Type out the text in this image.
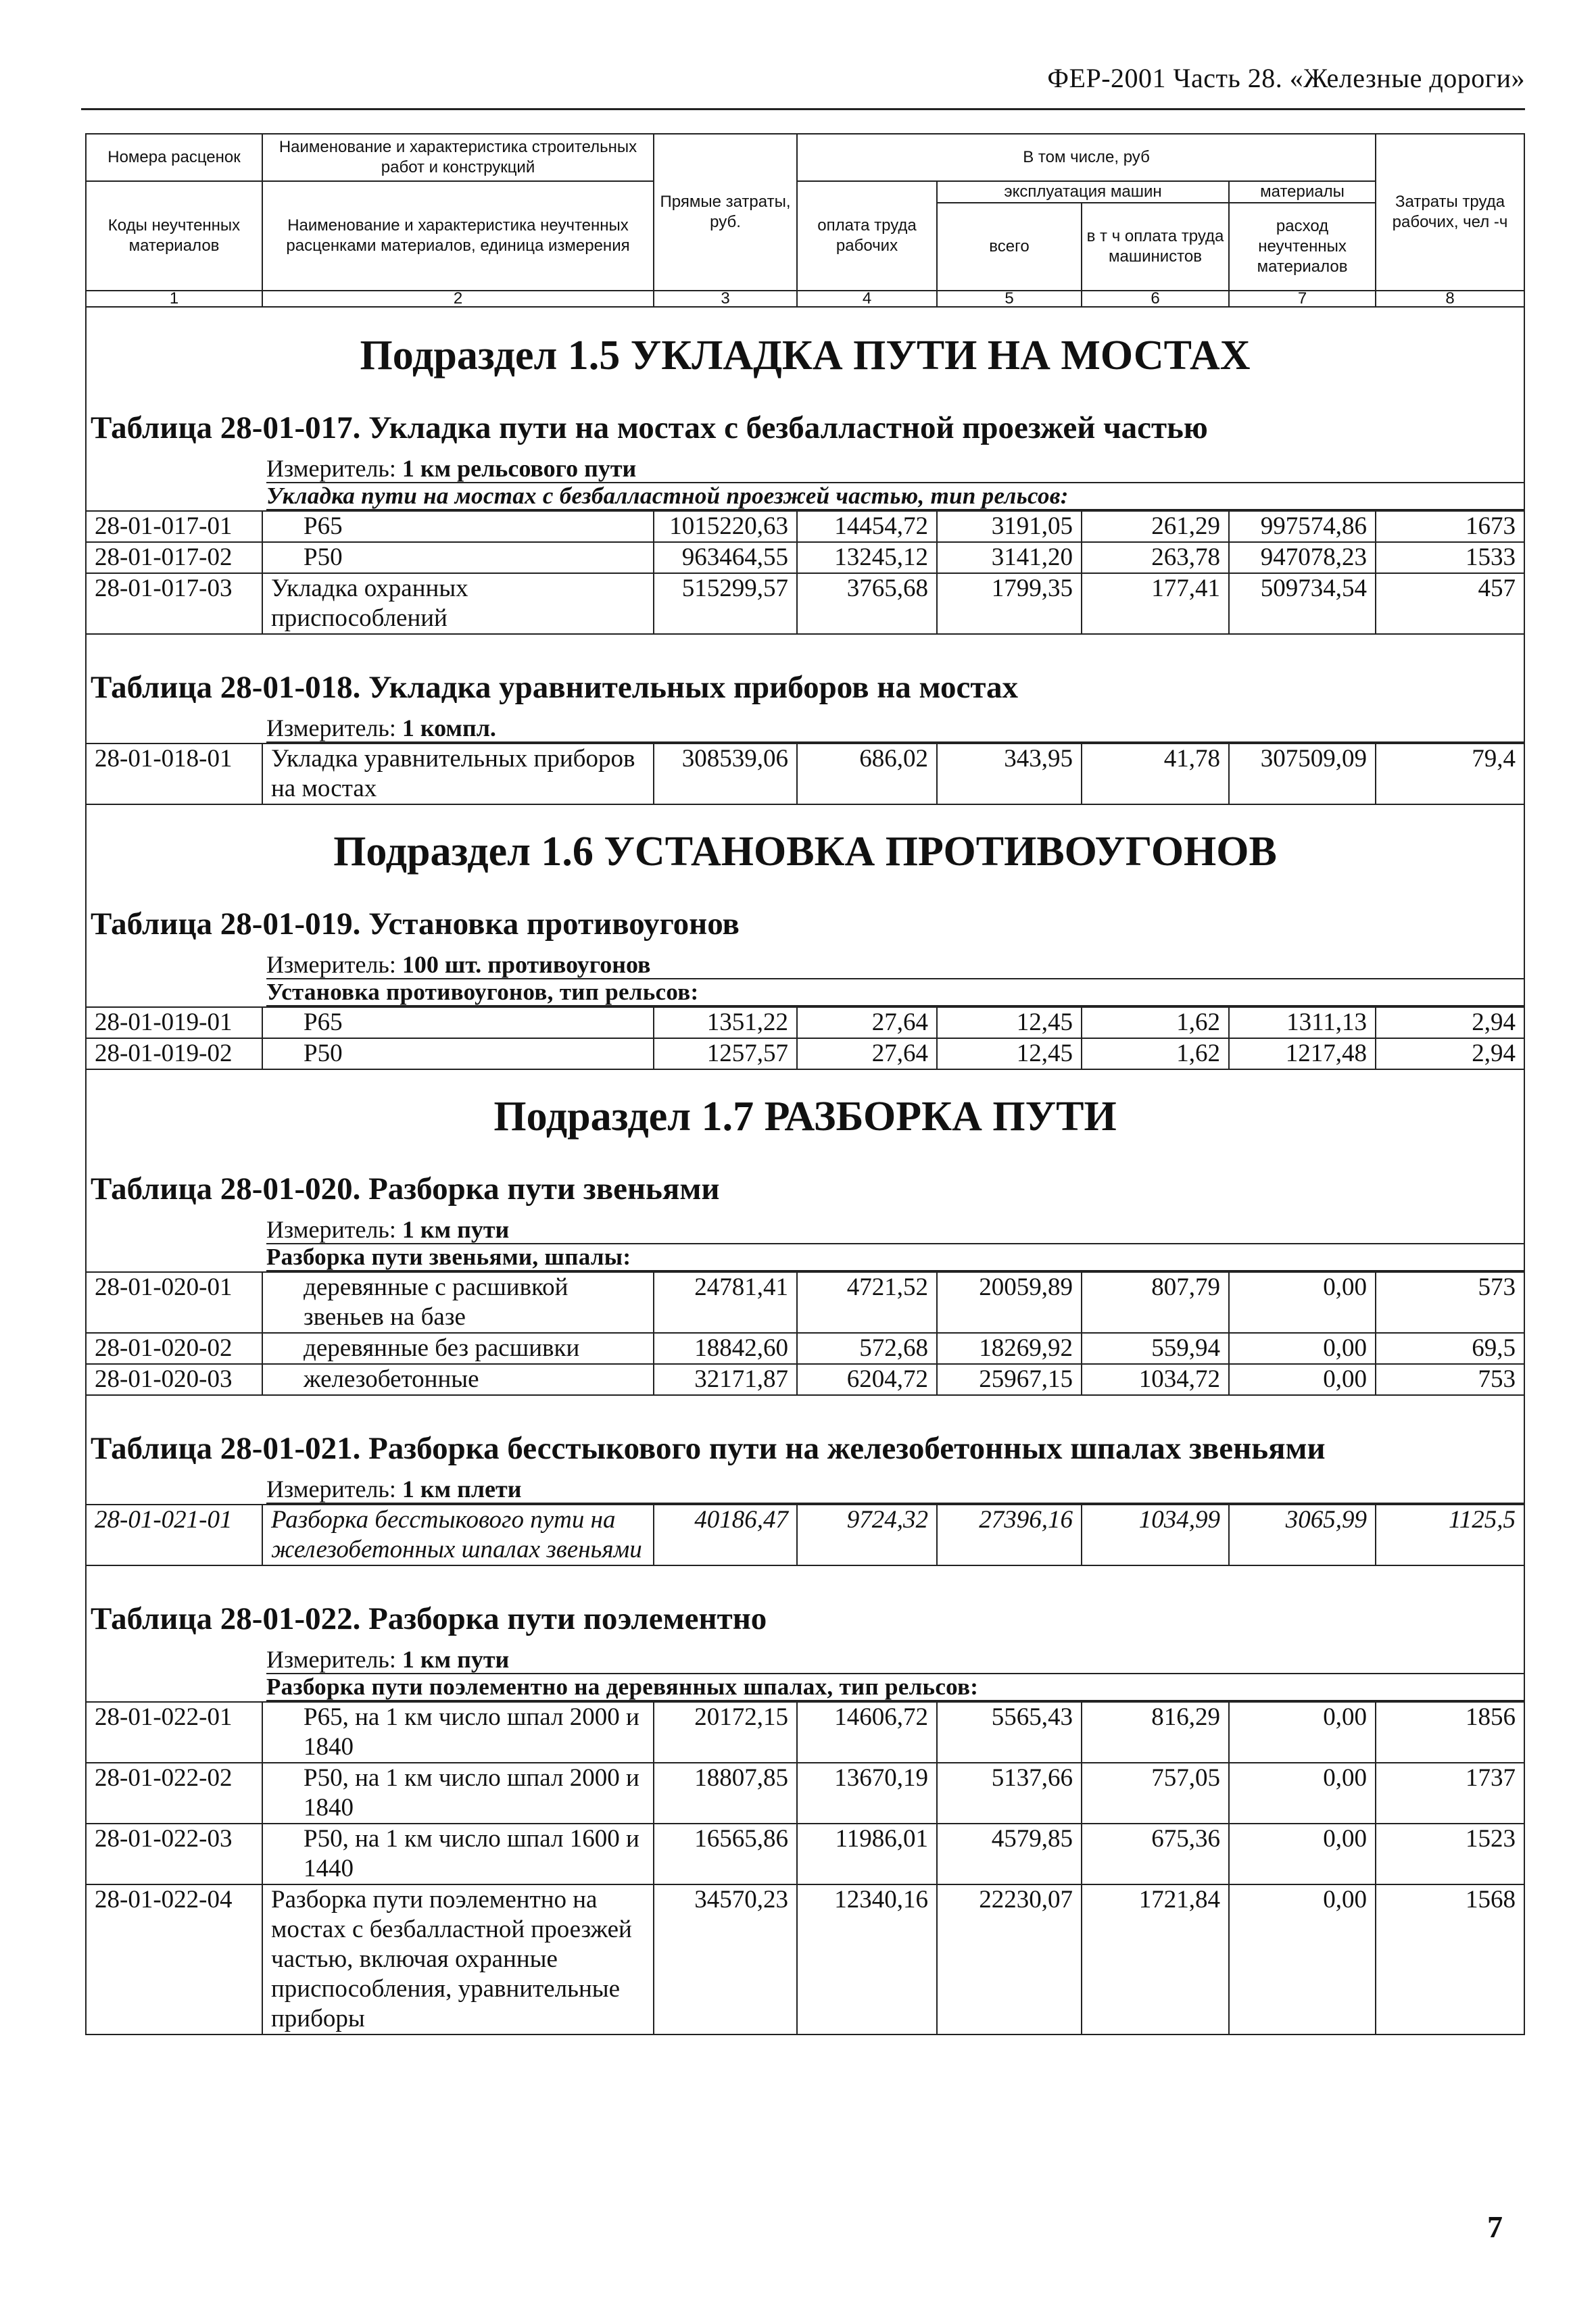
ФЕР-2001 Часть 28. «Железные дороги»
Номера расценок	Наименование и характеристика строительных работ и конструкций	Прямые затраты, руб.	В том числе, руб				Затраты труда рабочих, чел -ч
Коды неучтенных материалов	Наименование и характеристика неучтенных расценками материалов, единица измерения		оплата труда рабочих	эксплуатация машин		материалы	
				всего	в т ч оплата труда машинистов	расход неучтенных материалов	
1	2	3	4	5	6	7	8
Подраздел 1.5 УКЛАДКА ПУТИ НА МОСТАХ							
Таблица 28-01-017. Укладка пути на мостах с безбалластной проезжей частью							

Измеритель: 1 км рельсового пути							

Укладка пути на мостах с безбалластной проезжей частью, тип рельсов:							

28-01-017-01	Р65	1015220,63	14454,72	3191,05	261,29	997574,86	1673
28-01-017-02	Р50	963464,55	13245,12	3141,20	263,78	947078,23	1533
28-01-017-03	Укладка охранных приспособлений	515299,57	3765,68	1799,35	177,41	509734,54	457
Таблица 28-01-018. Укладка уравнительных приборов на мостах							

Измеритель: 1 компл.							

28-01-018-01	Укладка уравнительных приборов на мостах	308539,06	686,02	343,95	41,78	307509,09	79,4
Подраздел 1.6 УСТАНОВКА ПРОТИВОУГОНОВ							
Таблица 28-01-019. Установка противоугонов							

Измеритель: 100 шт. противоугонов							

Установка противоугонов, тип рельсов:							

28-01-019-01	Р65	1351,22	27,64	12,45	1,62	1311,13	2,94
28-01-019-02	Р50	1257,57	27,64	12,45	1,62	1217,48	2,94
Подраздел 1.7 РАЗБОРКА ПУТИ							
Таблица 28-01-020. Разборка пути звеньями							

Измеритель: 1 км пути							

Разборка пути звеньями, шпалы:							

28-01-020-01	деревянные с расшивкой звеньев на базе	24781,41	4721,52	20059,89	807,79	0,00	573
28-01-020-02	деревянные без расшивки	18842,60	572,68	18269,92	559,94	0,00	69,5
28-01-020-03	железобетонные	32171,87	6204,72	25967,15	1034,72	0,00	753
Таблица 28-01-021. Разборка бесстыкового пути на железобетонных шпалах звеньями							

Измеритель: 1 км плети							

28-01-021-01	Разборка бесстыкового пути на железобетонных шпалах звеньями	40186,47	9724,32	27396,16	1034,99	3065,99	1125,5
Таблица 28-01-022. Разборка пути поэлементно							

Измеритель: 1 км пути							

Разборка пути поэлементно на деревянных шпалах, тип рельсов:							

28-01-022-01	Р65, на 1 км число шпал 2000 и 1840	20172,15	14606,72	5565,43	816,29	0,00	1856
28-01-022-02	Р50, на 1 км число шпал 2000 и 1840	18807,85	13670,19	5137,66	757,05	0,00	1737
28-01-022-03	Р50, на 1 км число шпал 1600 и 1440	16565,86	11986,01	4579,85	675,36	0,00	1523
28-01-022-04	Разборка пути поэлементно на мостах с безбалластной проезжей частью, включая охранные приспособления, уравнительные приборы	34570,23	12340,16	22230,07	1721,84	0,00	1568
7
